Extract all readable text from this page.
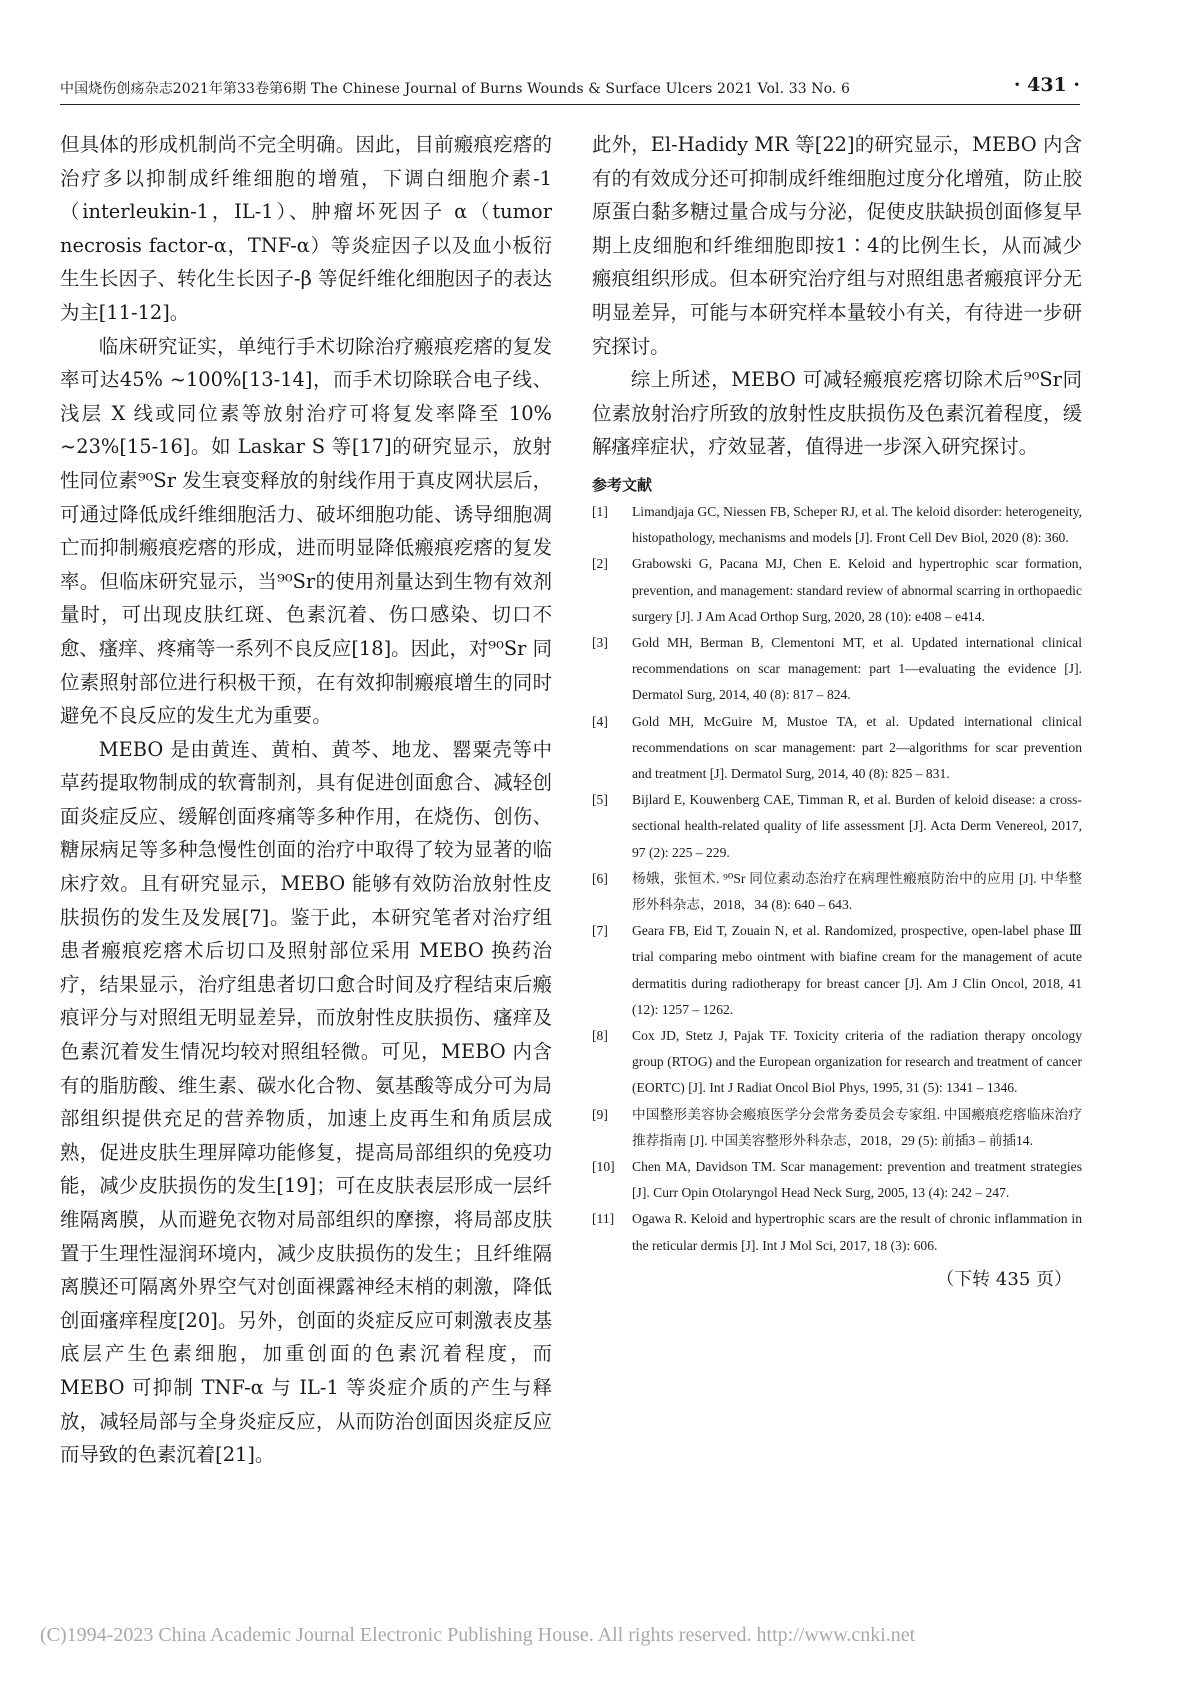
中国烧伤创疡杂志2021年第33卷第6期 The Chinese Journal of Burns Wounds & Surface Ulcers 2021 Vol. 33 No. 6	· 431 ·

但具体的形成机制尚不完全明确。因此，目前瘢痕疙瘩的治疗多以抑制成纤维细胞的增殖，下调白细胞介素-1（interleukin-1，IL-1）、肿瘤坏死因子 α（tumor necrosis factor-α，TNF-α）等炎症因子以及血小板衍生生长因子、转化生长因子-β 等促纤维化细胞因子的表达为主[11-12]。

临床研究证实，单纯行手术切除治疗瘢痕疙瘩的复发率可达45% ~100%[13-14]，而手术切除联合电子线、浅层 X 线或同位素等放射治疗可将复发率降至 10% ~23%[15-16]。如 Laskar S 等[17]的研究显示，放射性同位素⁹⁰Sr 发生衰变释放的射线作用于真皮网状层后，可通过降低成纤维细胞活力、破坏细胞功能、诱导细胞凋亡而抑制瘢痕疙瘩的形成，进而明显降低瘢痕疙瘩的复发率。但临床研究显示，当⁹⁰Sr的使用剂量达到生物有效剂量时，可出现皮肤红斑、色素沉着、伤口感染、切口不愈、瘙痒、疼痛等一系列不良反应[18]。因此，对⁹⁰Sr 同位素照射部位进行积极干预，在有效抑制瘢痕增生的同时避免不良反应的发生尤为重要。

MEBO 是由黄连、黄柏、黄芩、地龙、罂粟壳等中草药提取物制成的软膏制剂，具有促进创面愈合、减轻创面炎症反应、缓解创面疼痛等多种作用，在烧伤、创伤、糖尿病足等多种急慢性创面的治疗中取得了较为显著的临床疗效。且有研究显示，MEBO 能够有效防治放射性皮肤损伤的发生及发展[7]。鉴于此，本研究笔者对治疗组患者瘢痕疙瘩术后切口及照射部位采用 MEBO 换药治疗，结果显示，治疗组患者切口愈合时间及疗程结束后瘢痕评分与对照组无明显差异，而放射性皮肤损伤、瘙痒及色素沉着发生情况均较对照组轻微。可见，MEBO 内含有的脂肪酸、维生素、碳水化合物、氨基酸等成分可为局部组织提供充足的营养物质，加速上皮再生和角质层成熟，促进皮肤生理屏障功能修复，提高局部组织的免疫功能，减少皮肤损伤的发生[19]；可在皮肤表层形成一层纤维隔离膜，从而避免衣物对局部组织的摩擦，将局部皮肤置于生理性湿润环境内，减少皮肤损伤的发生；且纤维隔离膜还可隔离外界空气对创面裸露神经末梢的刺激，降低创面瘙痒程度[20]。另外，创面的炎症反应可刺激表皮基底层产生色素细胞，加重创面的色素沉着程度，而 MEBO 可抑制 TNF-α 与 IL-1 等炎症介质的产生与释放，减轻局部与全身炎症反应，从而防治创面因炎症反应而导致的色素沉着[21]。

此外，El-Hadidy MR 等[22]的研究显示，MEBO 内含有的有效成分还可抑制成纤维细胞过度分化增殖，防止胶原蛋白黏多糖过量合成与分泌，促使皮肤缺损创面修复早期上皮细胞和纤维细胞即按1∶4的比例生长，从而减少瘢痕组织形成。但本研究治疗组与对照组患者瘢痕评分无明显差异，可能与本研究样本量较小有关，有待进一步研究探讨。

综上所述，MEBO 可减轻瘢痕疙瘩切除术后⁹⁰Sr同位素放射治疗所致的放射性皮肤损伤及色素沉着程度，缓解瘙痒症状，疗效显著，值得进一步深入研究探讨。

参考文献
[1]	Limandjaja GC, Niessen FB, Scheper RJ, et al. The keloid disorder: heterogeneity, histopathology, mechanisms and models [J]. Front Cell Dev Biol, 2020 (8): 360.
[2]	Grabowski G, Pacana MJ, Chen E. Keloid and hypertrophic scar formation, prevention, and management: standard review of abnormal scarring in orthopaedic surgery [J]. J Am Acad Orthop Surg, 2020, 28 (10): e408 – e414.
[3]	Gold MH, Berman B, Clementoni MT, et al. Updated international clinical recommendations on scar management: part 1—evaluating the evidence [J]. Dermatol Surg, 2014, 40 (8): 817 – 824.
[4]	Gold MH, McGuire M, Mustoe TA, et al. Updated international clinical recommendations on scar management: part 2—algorithms for scar prevention and treatment [J]. Dermatol Surg, 2014, 40 (8): 825 – 831.
[5]	Bijlard E, Kouwenberg CAE, Timman R, et al. Burden of keloid disease: a cross-sectional health-related quality of life assessment [J]. Acta Derm Venereol, 2017, 97 (2): 225 – 229.
[6]	杨娥，张恒术. ⁹⁰Sr 同位素动态治疗在病理性瘢痕防治中的应用 [J]. 中华整形外科杂志，2018，34 (8): 640 – 643.
[7]	Geara FB, Eid T, Zouain N, et al. Randomized, prospective, open-label phase Ⅲ trial comparing mebo ointment with biafine cream for the management of acute dermatitis during radiotherapy for breast cancer [J]. Am J Clin Oncol, 2018, 41 (12): 1257 – 1262.
[8]	Cox JD, Stetz J, Pajak TF. Toxicity criteria of the radiation therapy oncology group (RTOG) and the European organization for research and treatment of cancer (EORTC) [J]. Int J Radiat Oncol Biol Phys, 1995, 31 (5): 1341 – 1346.
[9]	中国整形美容协会瘢痕医学分会常务委员会专家组. 中国瘢痕疙瘩临床治疗推荐指南 [J]. 中国美容整形外科杂志，2018，29 (5): 前插3 – 前插14.
[10]	Chen MA, Davidson TM. Scar management: prevention and treatment strategies [J]. Curr Opin Otolaryngol Head Neck Surg, 2005, 13 (4): 242 – 247.
[11]	Ogawa R. Keloid and hypertrophic scars are the result of chronic inflammation in the reticular dermis [J]. Int J Mol Sci, 2017, 18 (3): 606.
（下转 435 页）
(C)1994-2023 China Academic Journal Electronic Publishing House. All rights reserved. http://www.cnki.net
